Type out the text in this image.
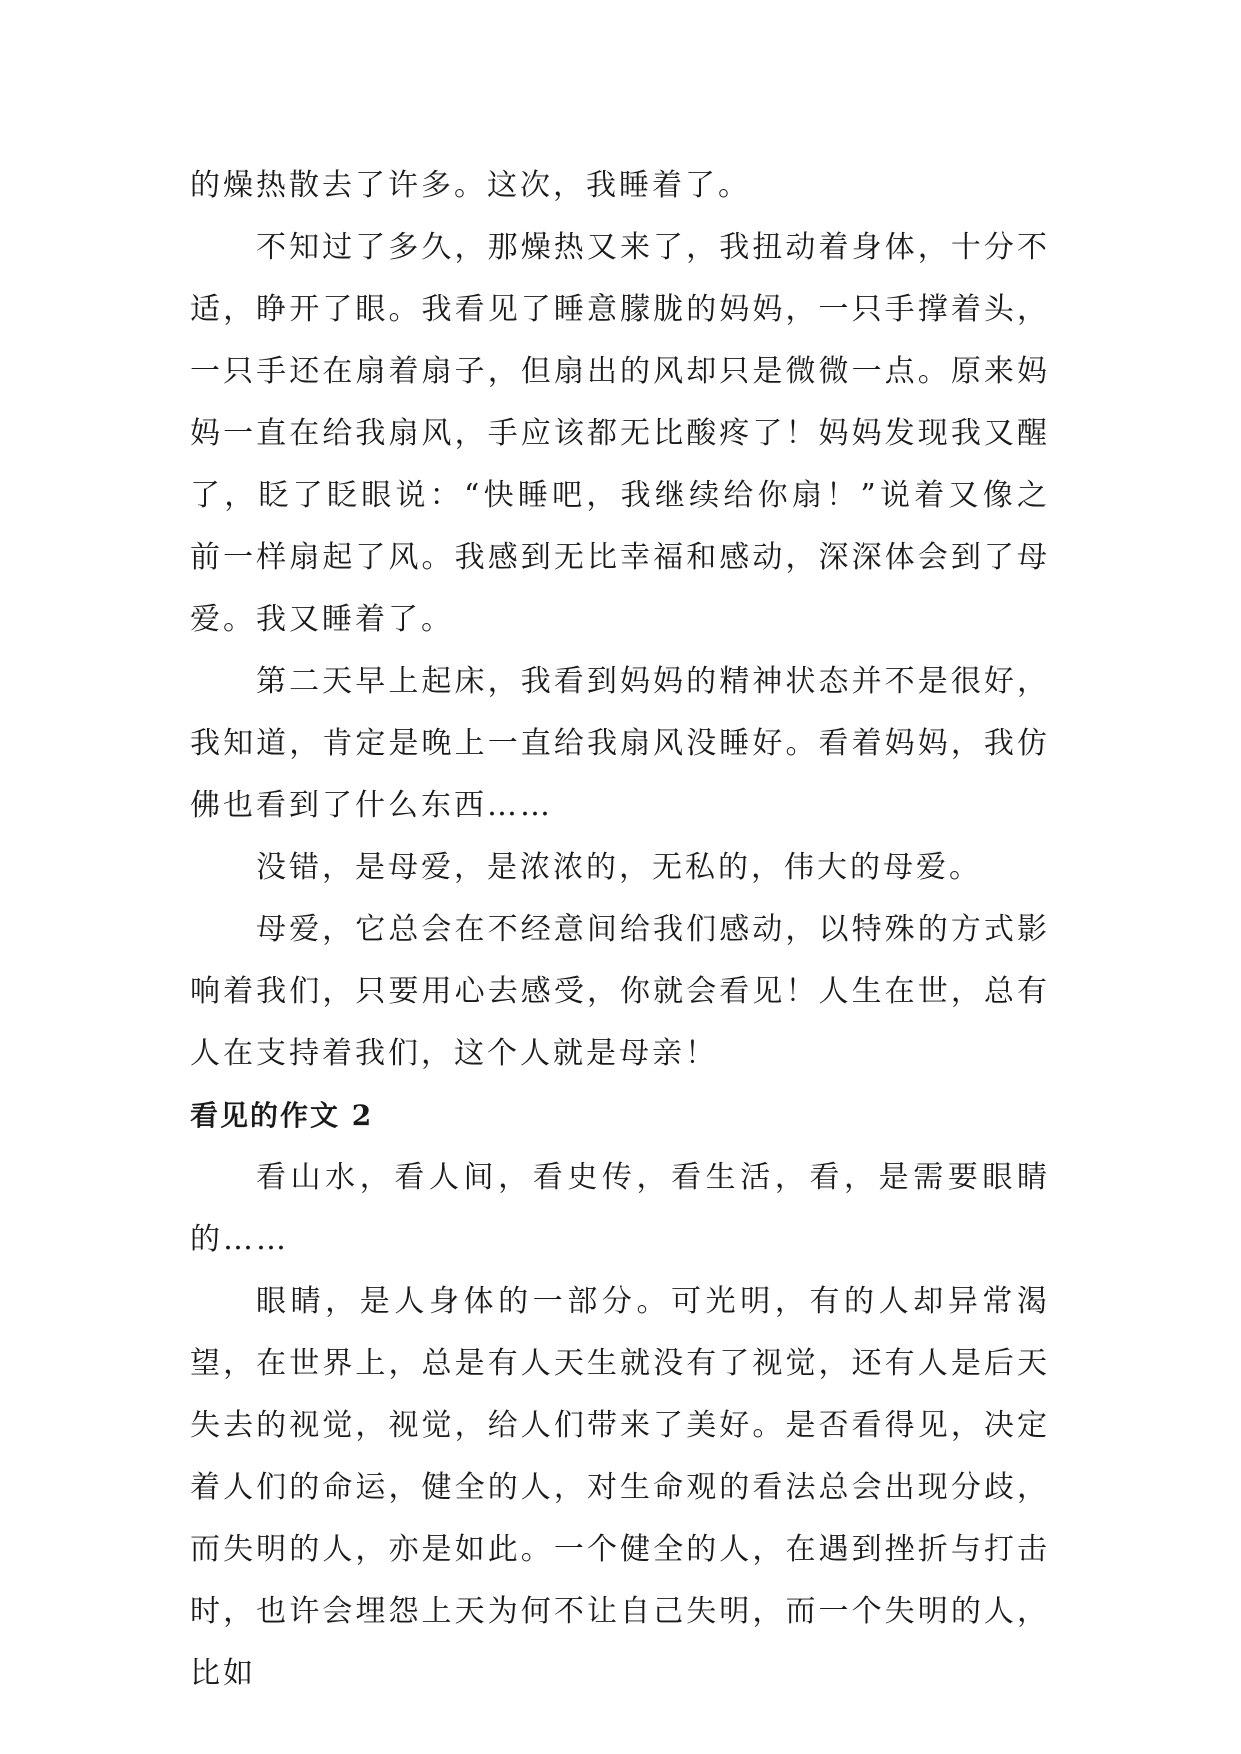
的燥热散去了许多。这次，我睡着了。

不知过了多久，那燥热又来了，我扭动着身体，十分不适，睁开了眼。我看见了睡意朦胧的妈妈，一只手撑着头，一只手还在扇着扇子，但扇出的风却只是微微一点。原来妈妈一直在给我扇风，手应该都无比酸疼了！妈妈发现我又醒了，眨了眨眼说：“快睡吧，我继续给你扇！”说着又像之前一样扇起了风。我感到无比幸福和感动，深深体会到了母爱。我又睡着了。

第二天早上起床，我看到妈妈的精神状态并不是很好，我知道，肯定是晚上一直给我扇风没睡好。看着妈妈，我仿佛也看到了什么东西……

没错，是母爱，是浓浓的，无私的，伟大的母爱。

母爱，它总会在不经意间给我们感动，以特殊的方式影响着我们，只要用心去感受，你就会看见！人生在世，总有人在支持着我们，这个人就是母亲！

看见的作文 2

看山水，看人间，看史传，看生活，看，是需要眼睛的……

眼睛，是人身体的一部分。可光明，有的人却异常渴望，在世界上，总是有人天生就没有了视觉，还有人是后天失去的视觉，视觉，给人们带来了美好。是否看得见，决定着人们的命运，健全的人，对生命观的看法总会出现分歧，而失明的人，亦是如此。一个健全的人，在遇到挫折与打击时，也许会埋怨上天为何不让自己失明，而一个失明的人，比如
